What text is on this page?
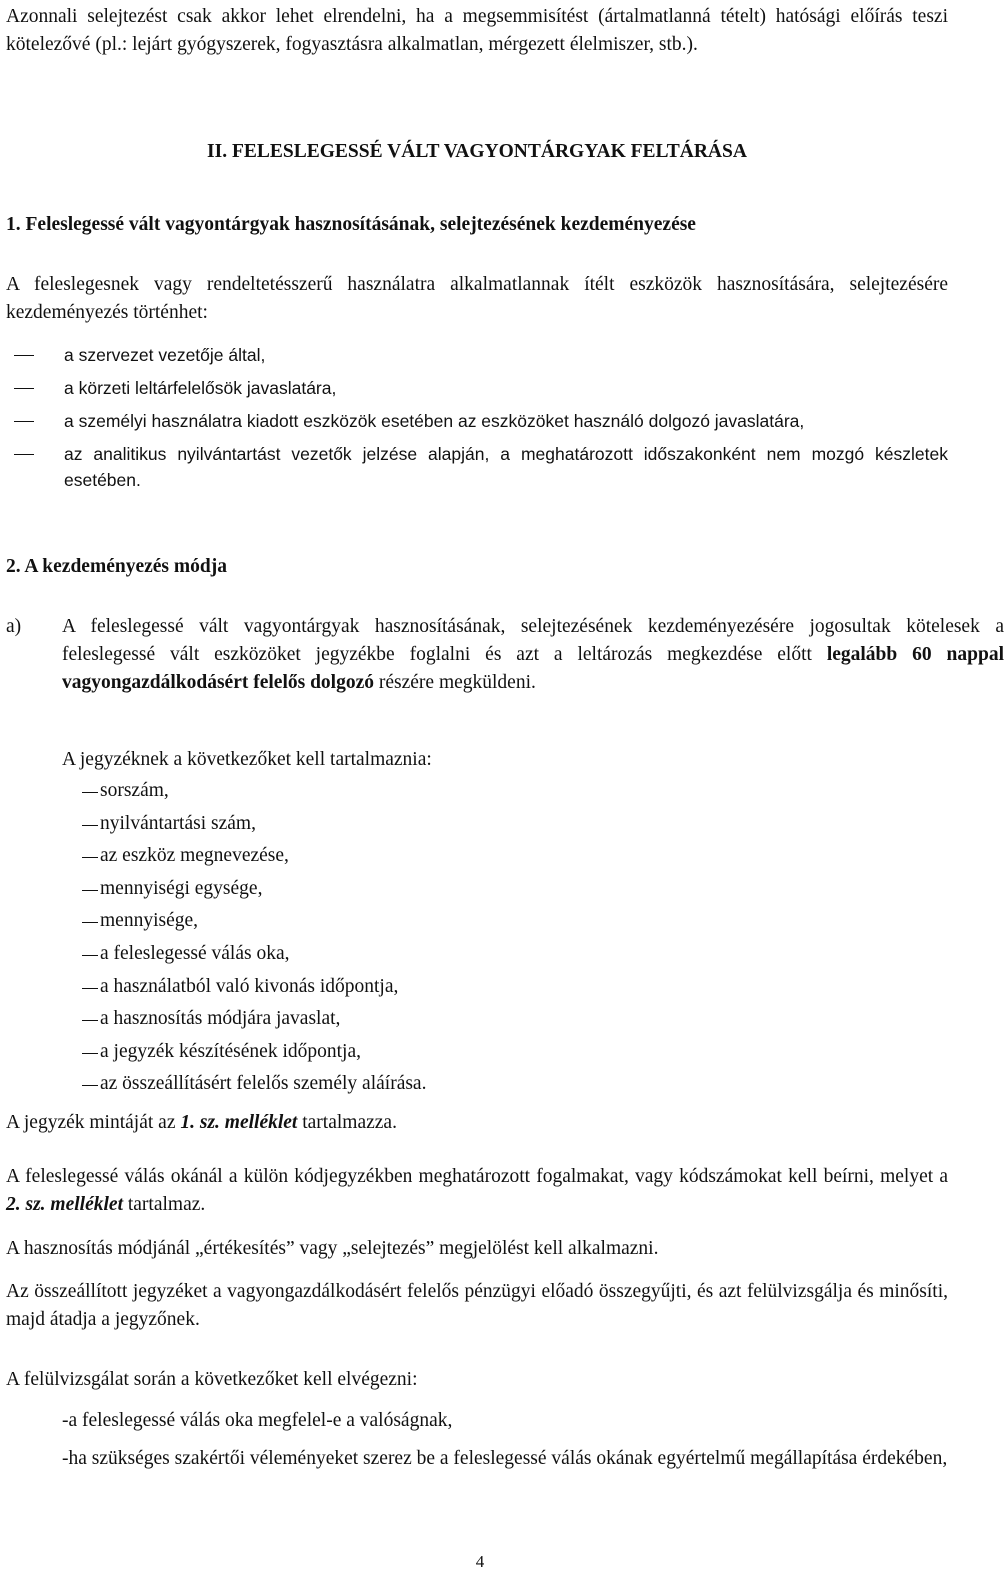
Azonnali selejtezést csak akkor lehet elrendelni, ha a megsemmisítést (ártalmatlanná tételt) hatósági előírás teszi kötelezővé (pl.: lejárt gyógyszerek, fogyasztásra alkalmatlan, mérgezett élelmiszer, stb.).

II. FELESLEGESSÉ VÁLT VAGYONTÁRGYAK FELTÁRÁSA

1. Feleslegessé vált vagyontárgyak hasznosításának, selejtezésének kezdeményezése

A feleslegesnek vagy rendeltetésszerű használatra alkalmatlannak ítélt eszközök hasznosítására, selejtezésére kezdeményezés történhet:

a szervezet vezetője által,
a körzeti leltárfelelősök javaslatára,
a személyi használatra kiadott eszközök esetében az eszközöket használó dolgozó javaslatára,
az analitikus nyilvántartást vezetők jelzése alapján, a meghatározott időszakonként nem mozgó készletek esetében.

2. A kezdeményezés módja

a) A feleslegessé vált vagyontárgyak hasznosításának, selejtezésének kezdeményezésére jogosultak kötelesek a feleslegessé vált eszközöket jegyzékbe foglalni és azt a leltározás megkezdése előtt legalább 60 nappal vagyongazdálkodásért felelős dolgozó részére megküldeni.

A jegyzéknek a következőket kell tartalmaznia:

sorszám,
nyilvántartási szám,
az eszköz megnevezése,
mennyiségi egysége,
mennyisége,
a feleslegessé válás oka,
a használatból való kivonás időpontja,
a hasznosítás módjára javaslat,
a jegyzék készítésének időpontja,
az összeállításért felelős személy aláírása.

A jegyzék mintáját az 1. sz. melléklet tartalmazza.

A feleslegessé válás okánál a külön kódjegyzékben meghatározott fogalmakat, vagy kódszámokat kell beírni, melyet a 2. sz. melléklet tartalmaz.

A hasznosítás módjánál „értékesítés” vagy „selejtezés” megjelölést kell alkalmazni.

Az összeállított jegyzéket a vagyongazdálkodásért felelős pénzügyi előadó összegyűjti, és azt felülvizsgálja és minősíti, majd átadja a jegyzőnek.

A felülvizsgálat során a következőket kell elvégezni:

-a feleslegessé válás oka megfelel-e a valóságnak,
-ha szükséges szakértői véleményeket szerez be a feleslegessé válás okának egyértelmű megállapítása érdekében,
4
